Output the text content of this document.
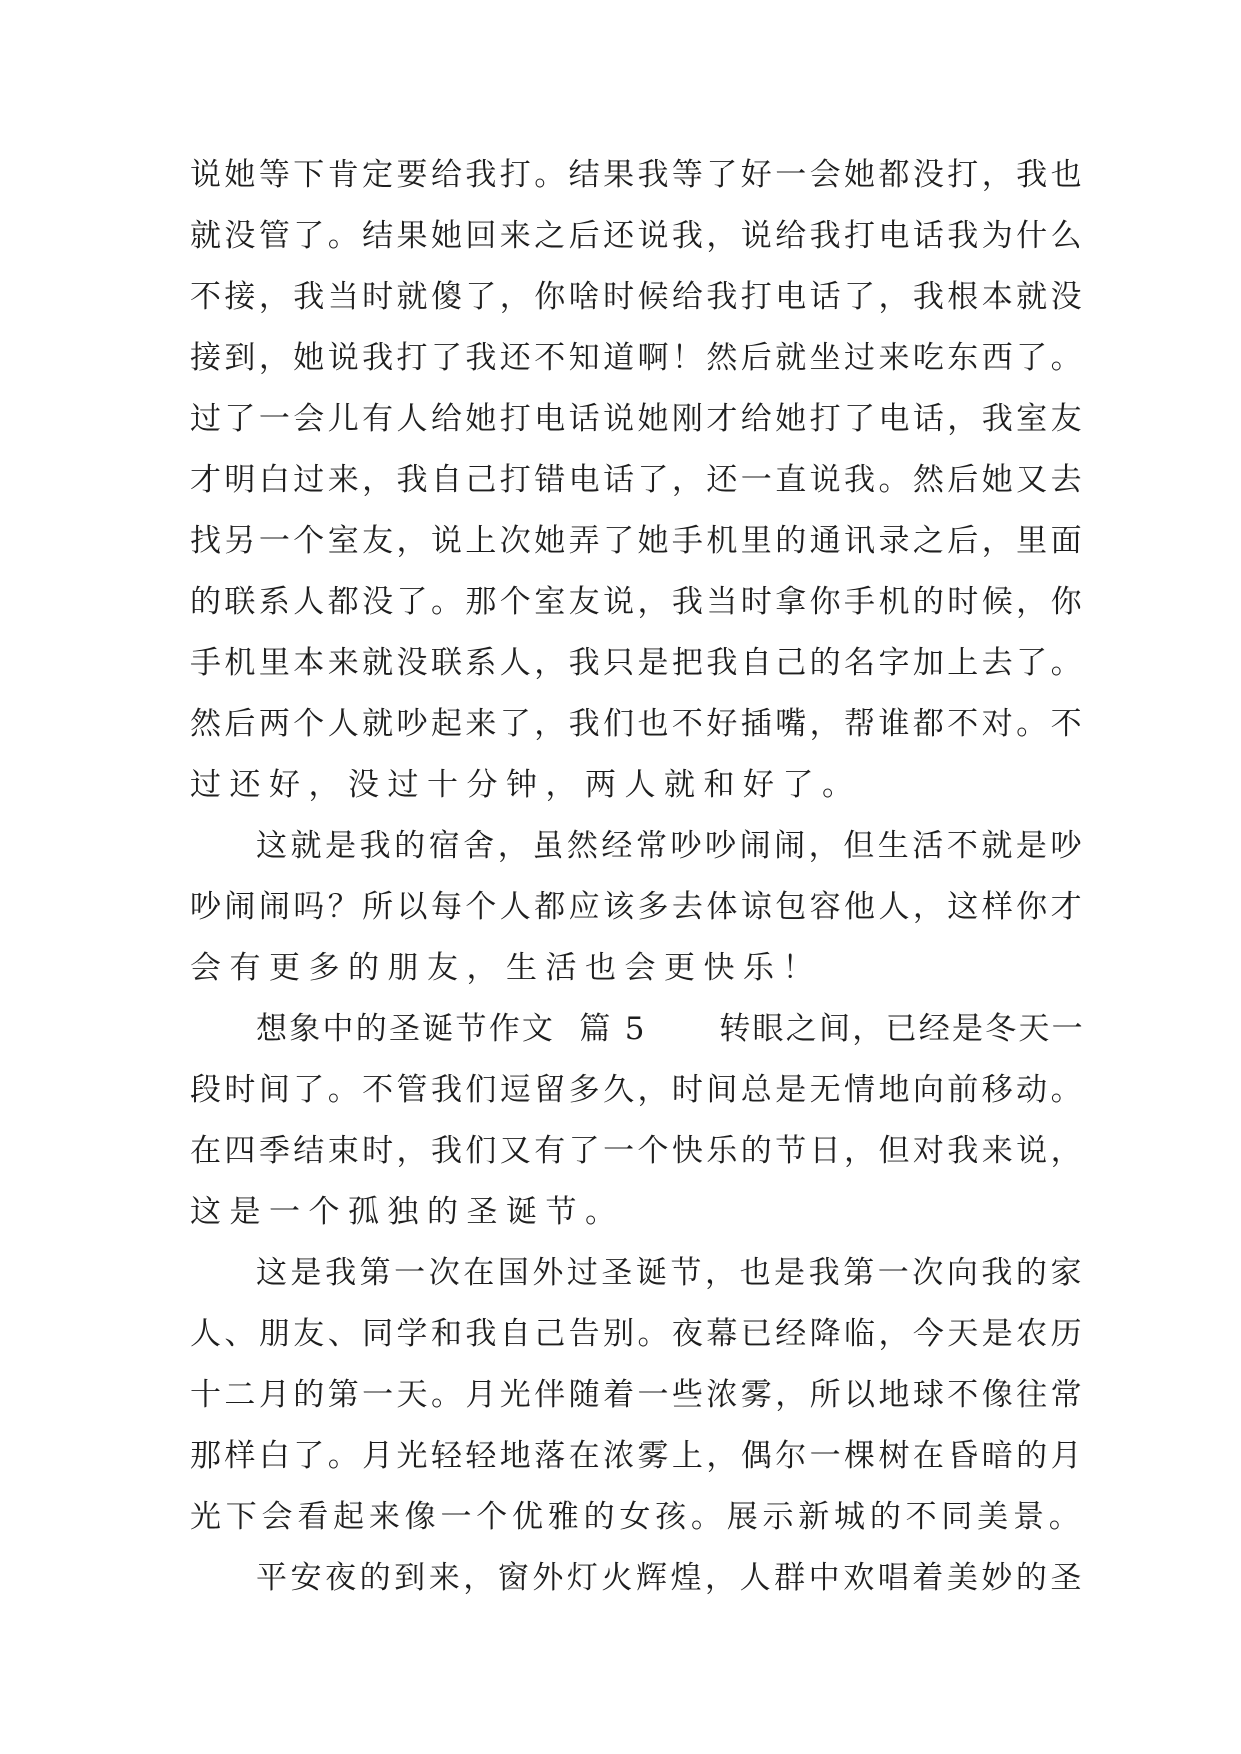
说她等下肯定要给我打。结果我等了好一会她都没打，我也

就没管了。结果她回来之后还说我，说给我打电话我为什么

不接，我当时就傻了，你啥时候给我打电话了，我根本就没

接到，她说我打了我还不知道啊！然后就坐过来吃东西了。

过了一会儿有人给她打电话说她刚才给她打了电话，我室友

才明白过来，我自己打错电话了，还一直说我。然后她又去

找另一个室友，说上次她弄了她手机里的通讯录之后，里面

的联系人都没了。那个室友说，我当时拿你手机的时候，你

手机里本来就没联系人，我只是把我自己的名字加上去了。

然后两个人就吵起来了，我们也不好插嘴，帮谁都不对。不

过还好，没过十分钟，两人就和好了。

这就是我的宿舍，虽然经常吵吵闹闹，但生活不就是吵

吵闹闹吗？所以每个人都应该多去体谅包容他人，这样你才

会有更多的朋友，生活也会更快乐！

想象中的圣诞节作文  篇 5      转眼之间，已经是冬天一

段时间了。不管我们逗留多久，时间总是无情地向前移动。

在四季结束时，我们又有了一个快乐的节日，但对我来说，

这是一个孤独的圣诞节。

这是我第一次在国外过圣诞节，也是我第一次向我的家

人、朋友、同学和我自己告别。夜幕已经降临，今天是农历

十二月的第一天。月光伴随着一些浓雾，所以地球不像往常

那样白了。月光轻轻地落在浓雾上，偶尔一棵树在昏暗的月

光下会看起来像一个优雅的女孩。展示新城的不同美景。

平安夜的到来，窗外灯火辉煌，人群中欢唱着美妙的圣
